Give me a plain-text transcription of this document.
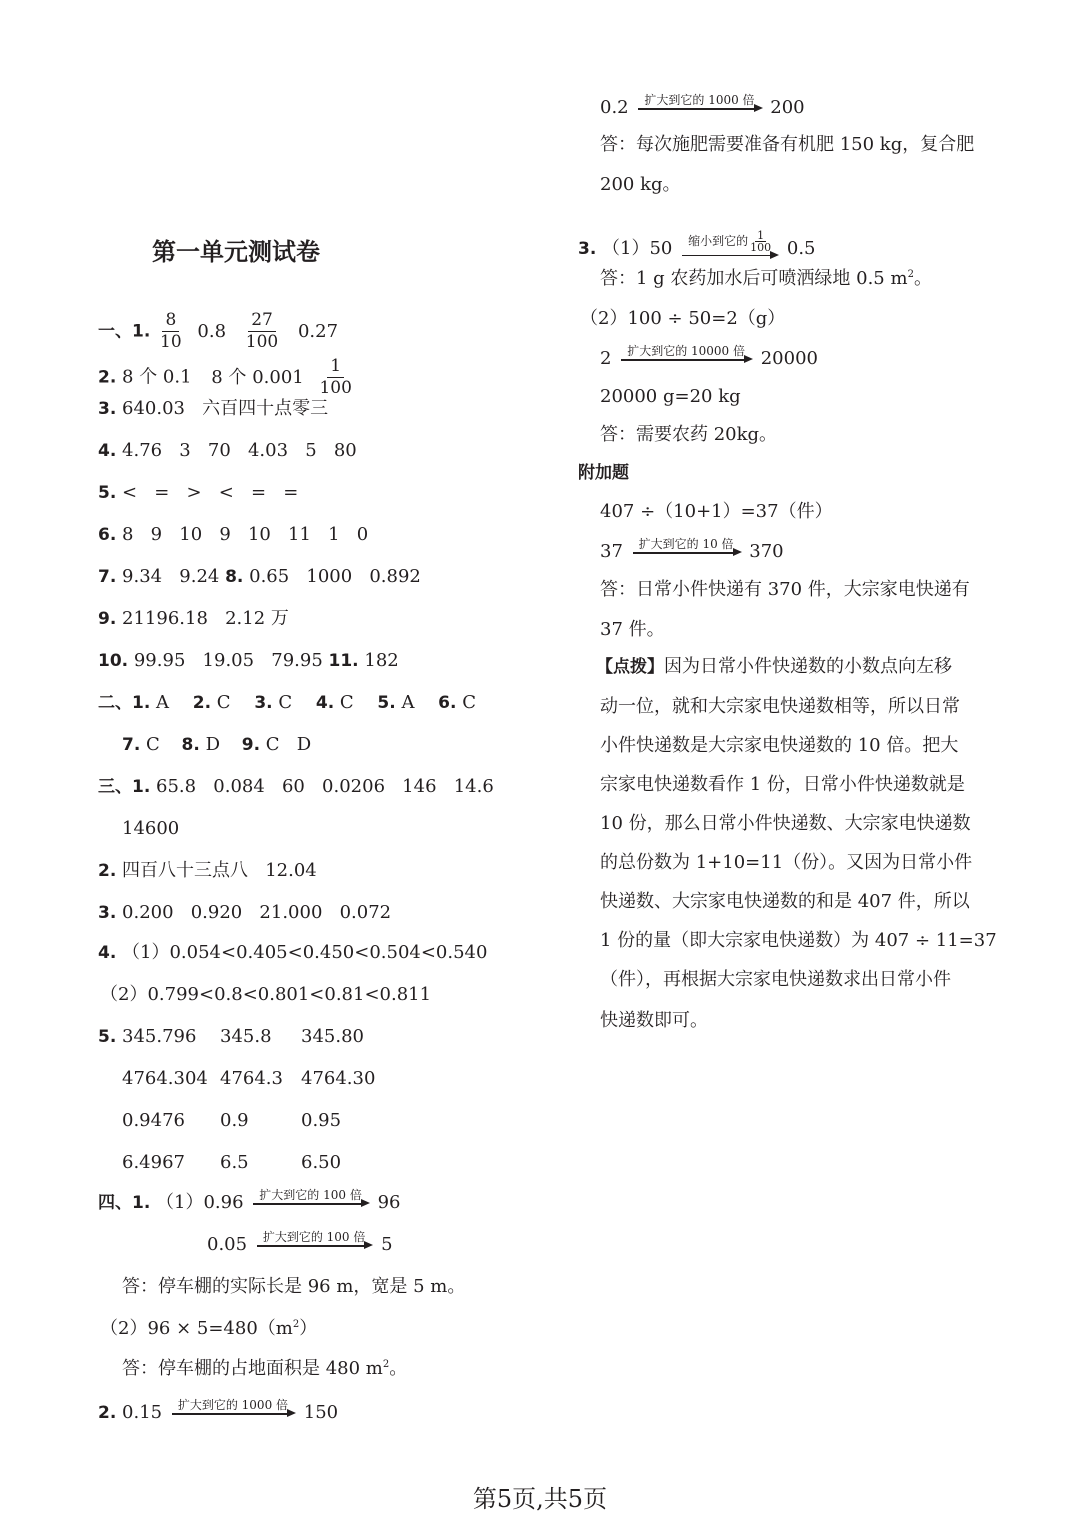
第一单元测试卷
一、1. $\frac{8}{10} 0.8 \frac{27}{100} 0.27$
2. 8 个 0.1 8 个 $0.001 \frac{1}{100}$
3. 640.03   六百四十点零三
4. 4.76   3   70   4.03   5   80
5. <   =   >   <   =   =
6. 8   9   10   9   10   11   1   0
7. 9.34   9.24 8. 0.65   1000   0.892
9. 21196.18   2.12 万
10. 99.95   19.05   79.95 11. 182
二、1. A 2. C 3. C 4. C 5. A 6. C
7. C 8. D 9. C   D
三、1. 65.8   0.084   60   0.0206   146   14.6
14600
2. 四百八十三点八   12.04
3. 0.200   0.920   21.000   0.072
4. （1）0.054<0.405<0.450<0.504<0.540
（2）0.799<0.8<0.801<0.81<0.811
5. 345.796 345.8 345.80
4764.304 4764.3 4764.30
0.9476 0.9	0.95
6.4967 6.5	6.50
四、1. （1）0.96	扩大到它的 100 倍 96
0.05	扩大到它的 100 倍 5
答：停车棚的实际长是 96 m，宽是 5 m。
$(2)96 \times 5=480(m^2)$
答：停车棚的占地面积是 480 $m^2$。
2. 0.15	扩大到它的 1000 倍 150
0.2	扩大到它的 1000 倍 200
答：每次施肥需要准备有机肥 150 kg，复合肥
200 kg。
3. （1）50	缩小到它的 $\frac{1}{100} 0.5$
答：1 g 农药加水后可喷洒绿地 0.5 $m^2$。
（2）100 ÷ 50=2（g）
2	扩大到它的 10000 倍 20000
20000 g=20 kg
答：需要农药 20kg。
附加题
407 ÷（10+1）=37（件）
37	扩大到它的 10 倍 370
答：日常小件快递有 370 件，大宗家电快递有
37 件。
【点拨】因为日常小件快递数的小数点向左移
动一位，就和大宗家电快递数相等，所以日常
小件快递数是大宗家电快递数的 10 倍。把大
宗家电快递数看作 1 份，日常小件快递数就是
10 份，那么日常小件快递数、大宗家电快递数
的总份数为 1+10=11（份）。又因为日常小件
快递数、大宗家电快递数的和是 407 件，所以
1 份的量（即大宗家电快递数）为 407 ÷ 11=37
（件），再根据大宗家电快递数求出日常小件
快递数即可。
第5页,共5页
